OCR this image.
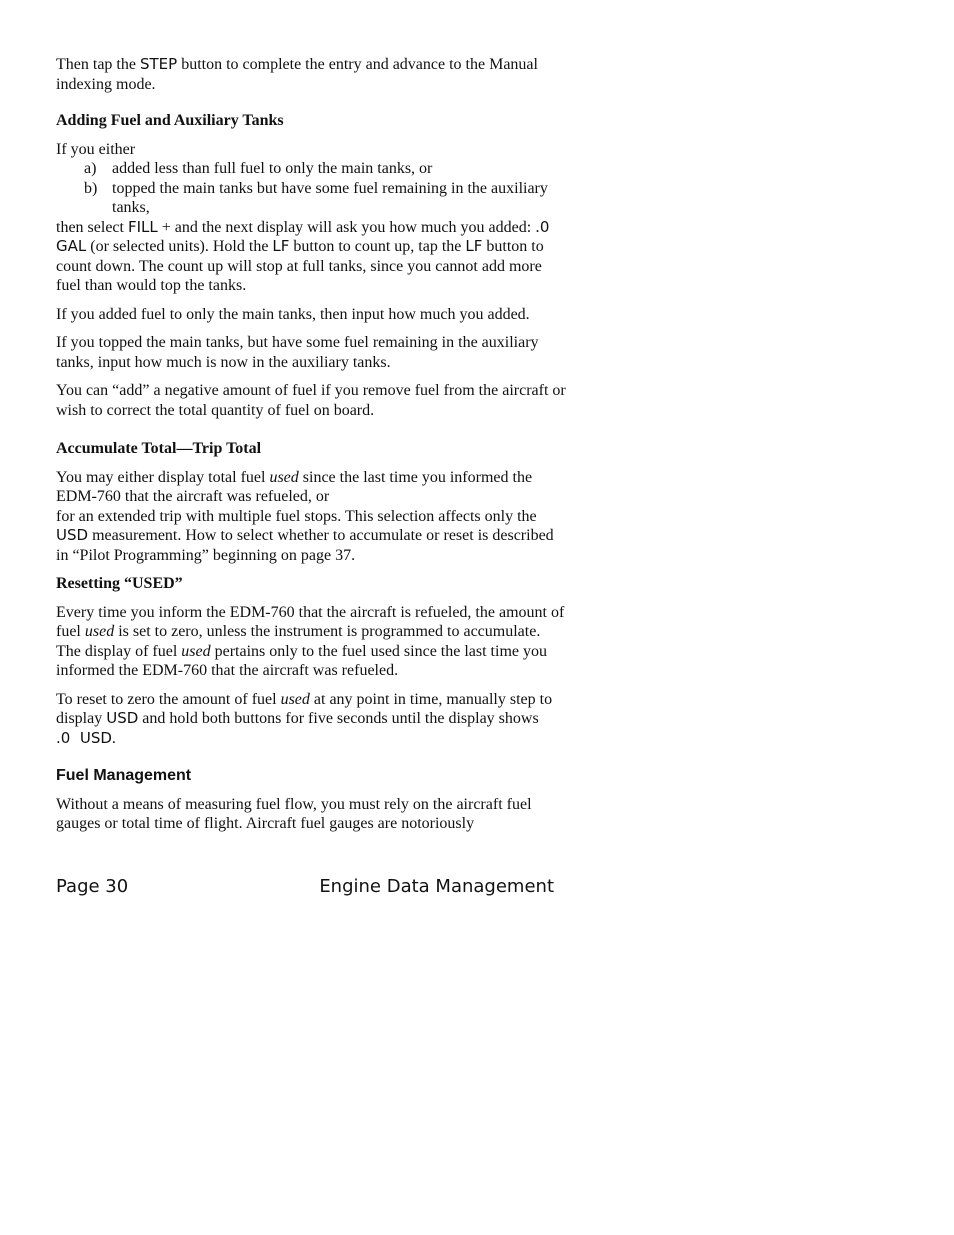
Then tap the STEP button to complete the entry and advance to the Manual indexing mode.

Adding Fuel and Auxiliary Tanks

If you either

a) added less than full fuel to only the main tanks, or
b) topped the main tanks but have some fuel remaining in the auxiliary tanks,

then select FILL + and the next display will ask you how much you added: .0 GAL (or selected units). Hold the LF button to count up, tap the LF button to count down. The count up will stop at full tanks, since you cannot add more fuel than would top the tanks.

If you added fuel to only the main tanks, then input how much you added.

If you topped the main tanks, but have some fuel remaining in the auxiliary tanks, input how much is now in the auxiliary tanks.

You can “add” a negative amount of fuel if you remove fuel from the aircraft or wish to correct the total quantity of fuel on board.

Accumulate Total—Trip Total

You may either display total fuel used since the last time you informed the EDM-760 that the aircraft was refueled, or
for an extended trip with multiple fuel stops. This selection affects only the USD measurement. How to select whether to accumulate or reset is described in “Pilot Programming” beginning on page 37.

Resetting “USED”

Every time you inform the EDM-760 that the aircraft is refueled, the amount of fuel used is set to zero, unless the instrument is programmed to accumulate. The display of fuel used pertains only to the fuel used since the last time you informed the EDM-760 that the aircraft was refueled.

To reset to zero the amount of fuel used at any point in time, manually step to display USD and hold both buttons for five seconds until the display shows .0  USD.

Fuel Management

Without a means of measuring fuel flow, you must rely on the aircraft fuel gauges or total time of flight. Aircraft fuel gauges are notoriously

Page 30	Engine Data Management
